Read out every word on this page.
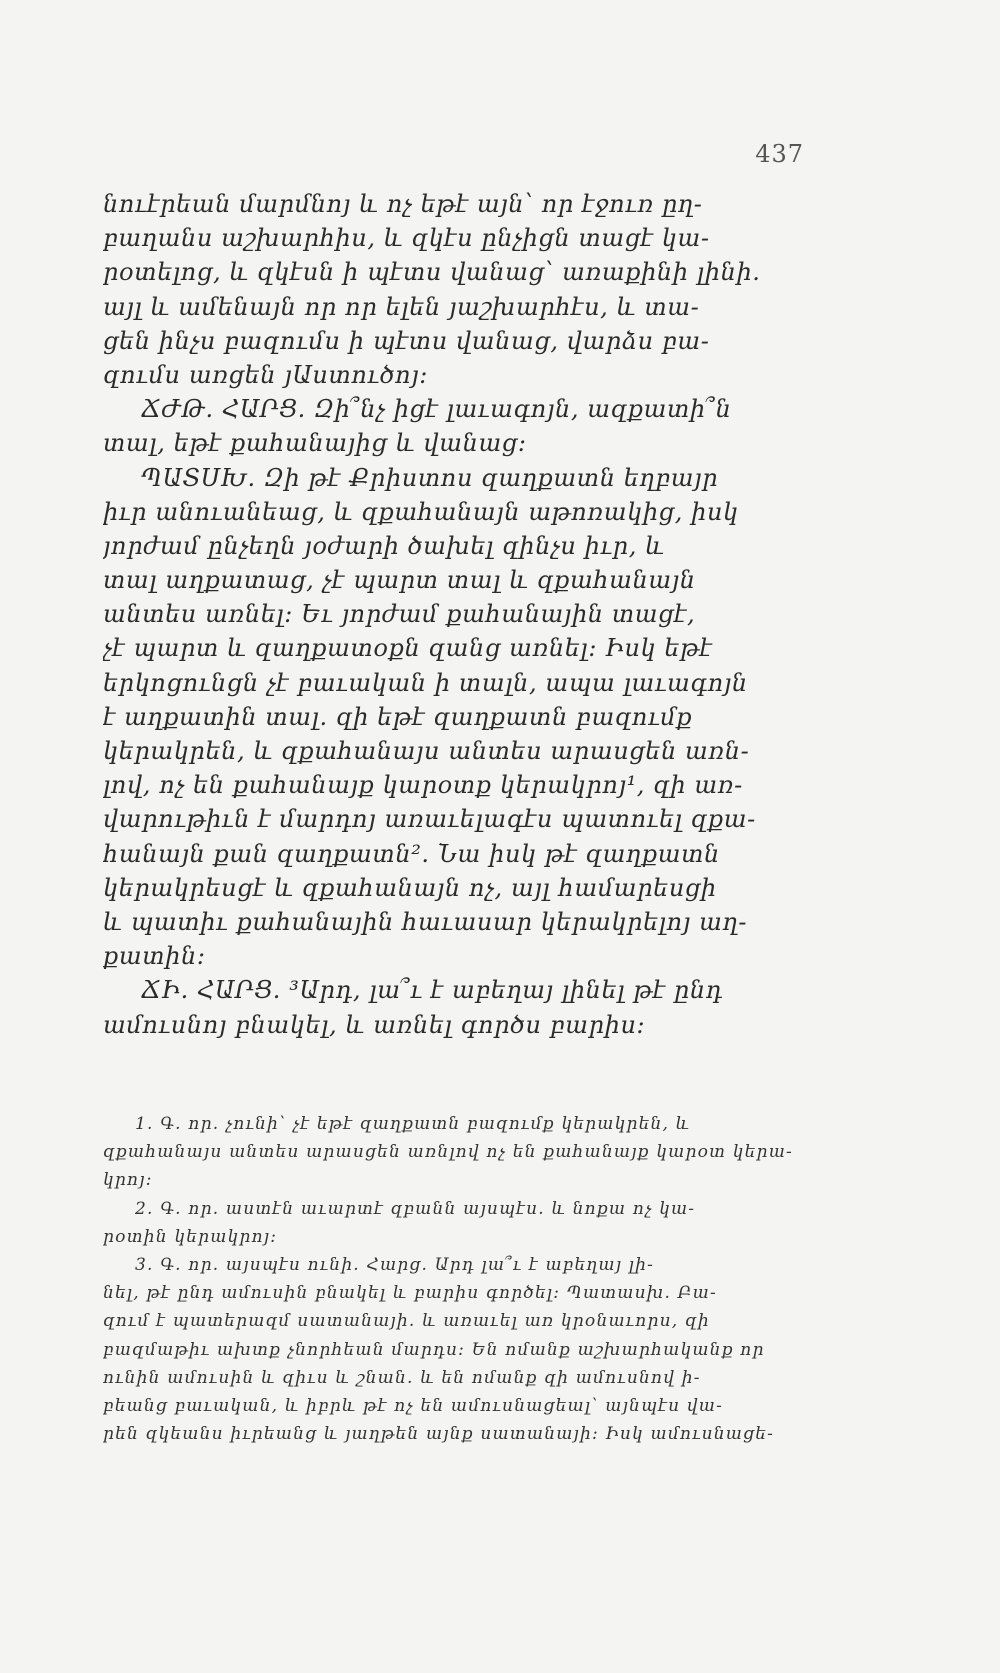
437
նուէրեան մարմնոյ և ոչ եթէ այն՝ որ էջուռ ըղ-
բաղանս աշխարհիս, և զկէս ընչիցն տացէ կա-
րօտելոց, և զկէսն ի պէտս վանաց՝ առաքինի լինի.
այլ և ամենայն որ որ ելեն յաշխարհէս, և տա-
ցեն ինչս բազումս ի պէտս վանաց, վարձս բա-
զումս առցեն յԱստուծոյ։
ՃԺԹ. ՀԱՐՑ. Զի՞նչ իցէ լաւագոյն, ազքատի՞ն
տալ, եթէ քահանայից և վանաց։
ՊԱՏՍԽ. Զի թէ Քրիստոս զաղքատն եղբայր
իւր անուանեաց, և զքահանայն աթոռակից, իսկ
յորժամ ընչեղն յօժարի ծախել զինչս իւր, և
տալ աղքատաց, չէ պարտ տալ և զքահանայն
անտես առնել։ Եւ յորժամ քահանային տացէ,
չէ պարտ և զաղքատօքն զանց առնել։ Իսկ եթէ
երկոցունցն չէ բաւական ի տալն, ապա լաւագոյն
է աղքատին տալ. զի եթէ զաղքատն բազումք
կերակրեն, և զքահանայս անտես արասցեն առն-
լով, ոչ են քահանայք կարօտք կերակրոյ¹, զի առ-
վարութիւն է մարդոյ առաւելագէս պատուել զքա-
հանայն քան զաղքատն². Նա իսկ թէ զաղքատն
կերակրեսցէ և զքահանայն ոչ, այլ համարեսցի
և պատիւ քահանային հաւասար կերակրելոյ աղ-
քատին։
ՃԻ. ՀԱՐՑ. ³Արդ, լա՞ւ է աբեղայ լինել թէ ընդ
ամուսնոյ բնակել, և առնել գործս բարիս։
1. Գ. որ. չունի՝ չէ եթէ զաղքատն բազումք կերակրեն, և
զքահանայս անտես արասցեն առնլով ոչ են քահանայք կարօտ կերա-
կրոյ։
2. Գ. որ. աստէն աւարտէ զբանն այսպէս. և նոքա ոչ կա-
րօտին կերակրոյ։
3. Գ. որ. այսպէս ունի. Հարց. Արդ լա՞ւ է աբեղայ լի-
նել, թէ ընդ ամուսին բնակել և բարիս գործել։ Պատասխ. Բա-
զում է պատերազմ սատանայի. և առաւել առ կրօնաւորս, զի
բազմաթիւ ախտք չնորհեան մարդս։ Են ոմանք աշխարհականք որ
ունին ամուսին և զիւս և շնան. և են ոմանք զի ամուսնով ի-
բեանց բաւական, և իբրև թէ ոչ են ամուսնացեալ՝ այնպէս վա-
րեն զկեանս իւրեանց և յաղթեն այնք սատանայի։ Իսկ ամուսնացե-
